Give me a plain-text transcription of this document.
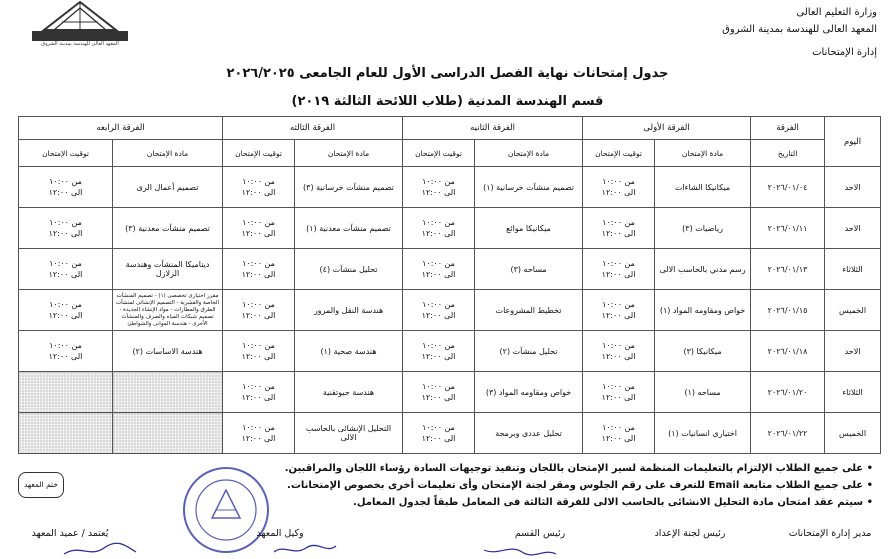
المعهد العالى للهندسة بمدينة الشروق
وزارة التعليم العالى
المعهد العالى للهندسة بمدينة الشروق
إدارة الإمتحانات
جدول إمتحانات نهاية الفصل الدراسى الأول للعام الجامعى ٢٠٢٦/٢٠٢٥
قسم الهندسة المدنية (طلاب اللائحة الثالثة ٢٠١٩)
اليوم	الفرقة	الفرقة الأولى		الفرقة الثانيه		الفرقة الثالثه		الفرقة الرابعه	
	التاريخ	مادة الإمتحان	توقيت الإمتحان	مادة الإمتحان	توقيت الإمتحان	مادة الإمتحان	توقيت الإمتحان	مادة الإمتحان	توقيت الإمتحان
الاحد	٢٠٢٦/٠١/٠٤	ميكانيكا الشاءات	من ١٠:٠٠
الى ١٢:٠٠	تصميم منشآت خرسانية (١)	من ١٠:٠٠
الى ١٢:٠٠	تصميم منشآت خرسانية (٣)	من ١٠:٠٠
الى ١٢:٠٠	تصميم أعمال الرى	من ١٠:٠٠
الى ١٢:٠٠

الاحد	٢٠٢٦/٠١/١١	رياضيات (٣)	من ١٠:٠٠
الى ١٢:٠٠	ميكانيكا موائع	من ١٠:٠٠
الى ١٢:٠٠	تصميم منشآت معدنية (١)	من ١٠:٠٠
الى ١٢:٠٠	تصميم منشآت معدنية (٣)	من ١٠:٠٠
الى ١٢:٠٠

الثلاثاء	٢٠٢٦/٠١/١٣	رسم مدني بالحاسب الالى	من ١٠:٠٠
الى ١٢:٠٠	مساحه (٣)	من ١٠:٠٠
الى ١٢:٠٠	تحليل منشآت (٤)	من ١٠:٠٠
الى ١٢:٠٠	ديناميكا المنشآت وهندسة الزلازل	من ١٠:٠٠
الى ١٢:٠٠

الخميس	٢٠٢٦/٠١/١٥	خواص ومقاومه المواد (١)	من ١٠:٠٠
الى ١٢:٠٠	تخطيط المشروعات	من ١٠:٠٠
الى ١٢:٠٠	هندسة النقل والمرور	من ١٠:٠٠
الى ١٢:٠٠	مقرر اختيارى تخصصى (١) - تصميم المنشآت الخاصة والقشرية - التصميم الإنشائى لمنشآت الطرق والمطارات - مواد الإنشاء الجديدة - تصميم شبكات المياه والصرف والمنشآت الأخرى - هندسة الموانى والشواطئ	من ١٠:٠٠
الى ١٢:٠٠

الاحد	٢٠٢٦/٠١/١٨	ميكانيكا (٣)	من ١٠:٠٠
الى ١٢:٠٠	تحليل منشآت (٢)	من ١٠:٠٠
الى ١٢:٠٠	هندسة صحية (١)	من ١٠:٠٠
الى ١٢:٠٠	هندسة الاساسات (٢)	من ١٠:٠٠
الى ١٢:٠٠

الثلاثاء	٢٠٢٦/٠١/٢٠	مساحه (١)	من ١٠:٠٠
الى ١٢:٠٠	خواص ومقاومه المواد (٣)	من ١٠:٠٠
الى ١٢:٠٠	هندسة جيوتقنية	من ١٠:٠٠
الى ١٢:٠٠		

الخميس	٢٠٢٦/٠١/٢٢	اختيارى انسانيات (١)	من ١٠:٠٠
الى ١٢:٠٠	تحليل عددى وبرمجة	من ١٠:٠٠
الى ١٢:٠٠	التحليل الإنشائى بالحاسب الالى	من ١٠:٠٠
الى ١٢:٠٠		

• على جميع الطلاب الإلتزام بالتعليمات المنظمة لسير الإمتحان باللجان وتنفيذ توجيهات السادة رؤساء اللجان والمراقبين.
• على جميع الطلاب متابعة Email للتعرف على رقم الجلوس ومقر لجنة الإمتحان وأى تعليمات أخرى بخصوص الإمتحانات.
• سيتم عقد امتحان مادة التحليل الانشائى بالحاسب الالى للفرقة الثالثة فى المعامل طبقاً لجدول المعامل.
ختم المعهد
مدير إدارة الإمتحانات
رئيس لجنة الإعداد
رئيس القسم
وكيل المعهد
يُعتمد / عميد المعهد
